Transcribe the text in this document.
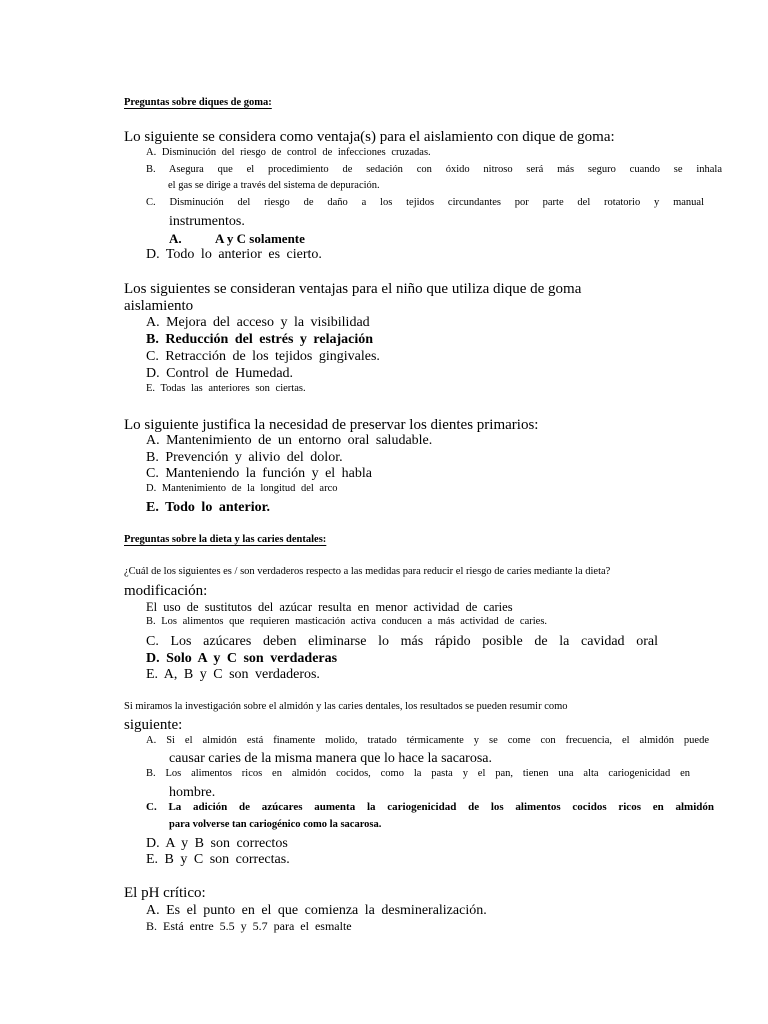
Preguntas sobre diques de goma:
Lo siguiente se considera como ventaja(s) para el aislamiento con dique de goma:
A. Disminución del riesgo de control de infecciones cruzadas.
B. Asegura que el procedimiento de sedación con óxido nitroso será más seguro cuando se inhala
el gas se dirige a través del sistema de depuración.
C. Disminución del riesgo de daño a los tejidos circundantes por parte del rotatorio y manual
instrumentos.
A.	A y C solamente
D. Todo lo anterior es cierto.
Los siguientes se consideran ventajas para el niño que utiliza dique de goma
aislamiento
A. Mejora del acceso y la visibilidad
B. Reducción del estrés y relajación
C. Retracción de los tejidos gingivales.
D. Control de Humedad.
E. Todas las anteriores son ciertas.
Lo siguiente justifica la necesidad de preservar los dientes primarios:
A. Mantenimiento de un entorno oral saludable.
B. Prevención y alivio del dolor.
C. Manteniendo la función y el habla
D. Mantenimiento de la longitud del arco
E. Todo lo anterior.
Preguntas sobre la dieta y las caries dentales:
¿Cuál de los siguientes es / son verdaderos respecto a las medidas para reducir el riesgo de caries mediante la dieta?
modificación:
El uso de sustitutos del azúcar resulta en menor actividad de caries
B. Los alimentos que requieren masticación activa conducen a más actividad de caries.
C. Los azúcares deben eliminarse lo más rápido posible de la cavidad oral
D. Solo A y C son verdaderas
E. A, B y C son verdaderos.
Si miramos la investigación sobre el almidón y las caries dentales, los resultados se pueden resumir como
siguiente:
A. Si el almidón está finamente molido, tratado térmicamente y se come con frecuencia, el almidón puede
causar caries de la misma manera que lo hace la sacarosa.
B. Los alimentos ricos en almidón cocidos, como la pasta y el pan, tienen una alta cariogenicidad en
hombre.
C. La adición de azúcares aumenta la cariogenicidad de los alimentos cocidos ricos en almidón
para volverse tan cariogénico como la sacarosa.
D. A y B son correctos
E. B y C son correctas.
El pH crítico:
A. Es el punto en el que comienza la desmineralización.
B. Está entre 5.5 y 5.7 para el esmalte
